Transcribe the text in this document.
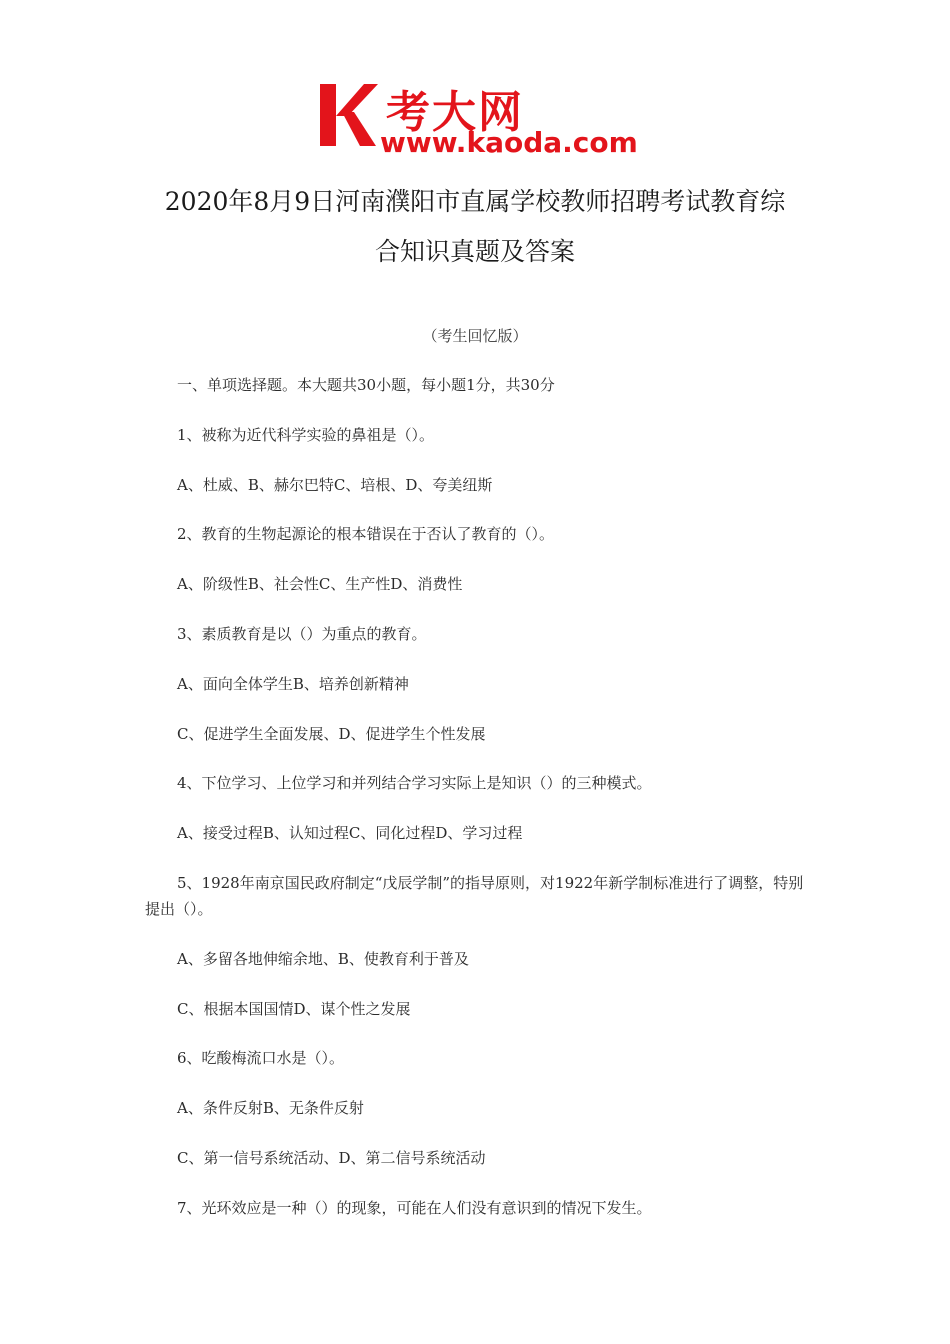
考大网
www.kaoda.com
2020年8月9日河南濮阳市直属学校教师招聘考试教育综
合知识真题及答案
（考生回忆版）

一、单项选择题。本大题共30小题，每小题1分，共30分

1、被称为近代科学实验的鼻祖是（）。

A、杜威、B、赫尔巴特C、培根、D、夸美纽斯

2、教育的生物起源论的根本错误在于否认了教育的（）。

A、阶级性B、社会性C、生产性D、消费性

3、素质教育是以（）为重点的教育。

A、面向全体学生B、培养创新精神

C、促进学生全面发展、D、促进学生个性发展

4、下位学习、上位学习和并列结合学习实际上是知识（）的三种模式。

A、接受过程B、认知过程C、同化过程D、学习过程

5、1928年南京国民政府制定“戊辰学制”的指导原则，对1922年新学制标准进行了调整，特别提出（）。

A、多留各地伸缩余地、B、使教育利于普及

C、根据本国国情D、谋个性之发展

6、吃酸梅流口水是（）。

A、条件反射B、无条件反射

C、第一信号系统活动、D、第二信号系统活动

7、光环效应是一种（）的现象，可能在人们没有意识到的情况下发生。
